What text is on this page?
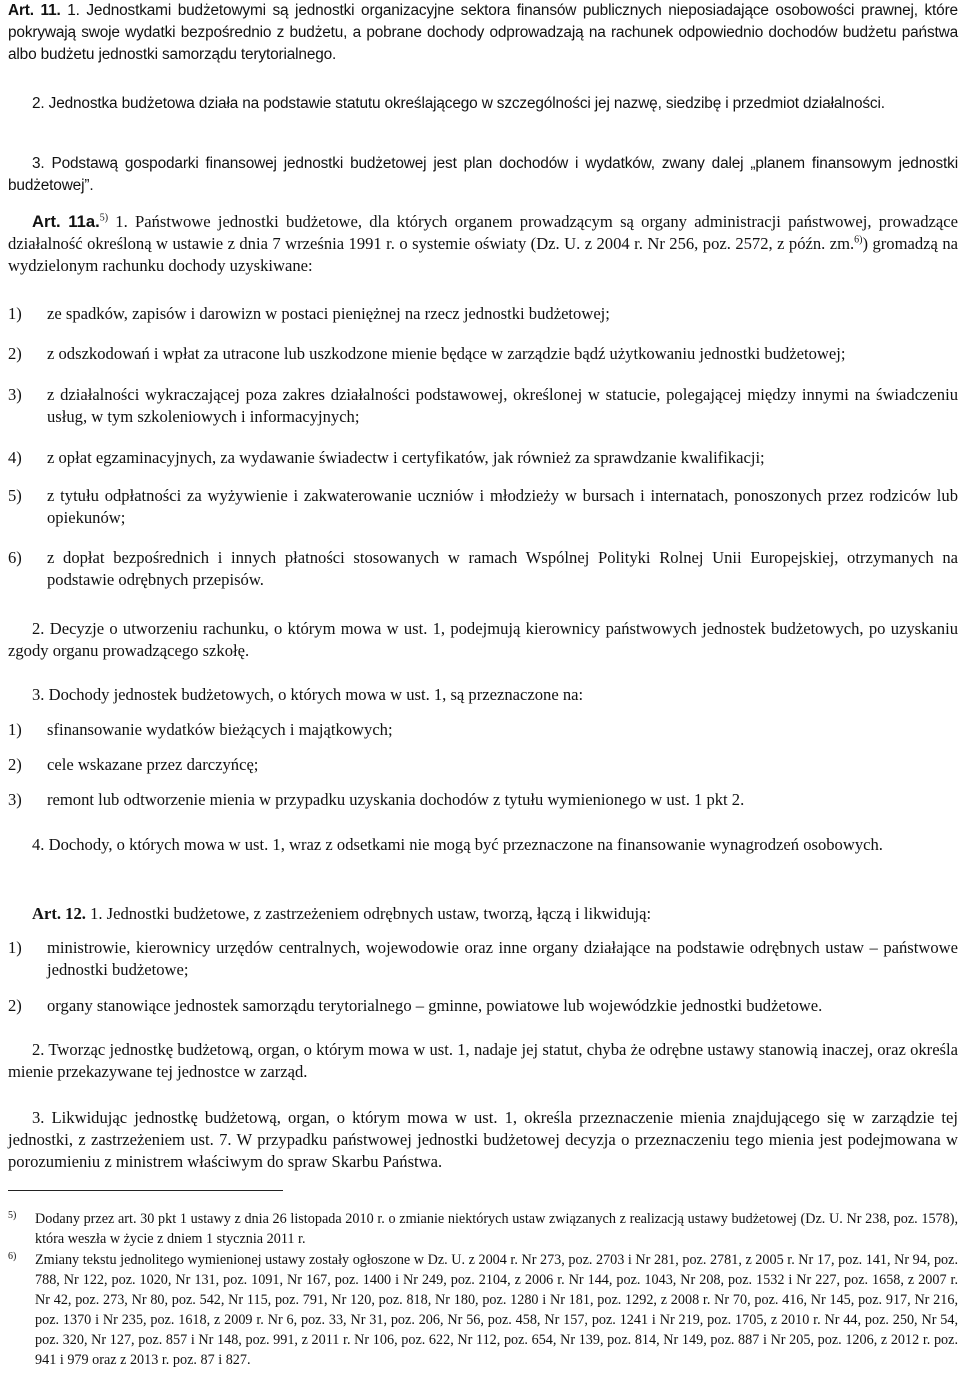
Art. 11. 1. Jednostkami budżetowymi są jednostki organizacyjne sektora finansów publicznych nieposiadające osobowości prawnej, które pokrywają swoje wydatki bezpośrednio z budżetu, a pobrane dochody odprowadzają na rachunek odpowiednio dochodów budżetu państwa albo budżetu jednostki samorządu terytorialnego.

2. Jednostka budżetowa działa na podstawie statutu określającego w szczególności jej nazwę, siedzibę i przedmiot działalności.

3. Podstawą gospodarki finansowej jednostki budżetowej jest plan dochodów i wydatków, zwany dalej „planem finansowym jednostki budżetowej”.

Art. 11a.$^{5)}$ 1. Państwowe jednostki budżetowe, dla których organem prowadzącym są organy administracji państwowej, prowadzące działalność określoną w ustawie z dnia 7 września 1991 r. o systemie oświaty (Dz. U. z 2004 r. Nr 256, poz. 2572, z późn. zm.$^{6)}$) gromadzą na wydzielonym rachunku dochody uzyskiwane:

1)	ze spadków, zapisów i darowizn w postaci pieniężnej na rzecz jednostki budżetowej;
2)	z odszkodowań i wpłat za utracone lub uszkodzone mienie będące w zarządzie bądź użytkowaniu jednostki budżetowej;
3)	z działalności wykraczającej poza zakres działalności podstawowej, określonej w statucie, polegającej między innymi na świadczeniu usług, w tym szkoleniowych i informacyjnych;
4)	z opłat egzaminacyjnych, za wydawanie świadectw i certyfikatów, jak również za sprawdzanie kwalifikacji;
5)	z tytułu odpłatności za wyżywienie i zakwaterowanie uczniów i młodzieży w bursach i internatach, ponoszonych przez rodziców lub opiekunów;
6)	z dopłat bezpośrednich i innych płatności stosowanych w ramach Wspólnej Polityki Rolnej Unii Europejskiej, otrzymanych na podstawie odrębnych przepisów.

2. Decyzje o utworzeniu rachunku, o którym mowa w ust. 1, podejmują kierownicy państwowych jednostek budżetowych, po uzyskaniu zgody organu prowadzącego szkołę.

3. Dochody jednostek budżetowych, o których mowa w ust. 1, są przeznaczone na:

1)	sfinansowanie wydatków bieżących i majątkowych;
2)	cele wskazane przez darczyńcę;
3)	remont lub odtworzenie mienia w przypadku uzyskania dochodów z tytułu wymienionego w ust. 1 pkt 2.

4. Dochody, o których mowa w ust. 1, wraz z odsetkami nie mogą być przeznaczone na finansowanie wynagrodzeń osobowych.

Art. 12. 1. Jednostki budżetowe, z zastrzeżeniem odrębnych ustaw, tworzą, łączą i likwidują:

1)	ministrowie, kierownicy urzędów centralnych, wojewodowie oraz inne organy działające na podstawie odrębnych ustaw – państwowe jednostki budżetowe;
2)	organy stanowiące jednostek samorządu terytorialnego – gminne, powiatowe lub wojewódzkie jednostki budżetowe.

2. Tworząc jednostkę budżetową, organ, o którym mowa w ust. 1, nadaje jej statut, chyba że odrębne ustawy stanowią inaczej, oraz określa mienie przekazywane tej jednostce w zarząd.

3. Likwidując jednostkę budżetową, organ, o którym mowa w ust. 1, określa przeznaczenie mienia znajdującego się w zarządzie tej jednostki, z zastrzeżeniem ust. 7. W przypadku państwowej jednostki budżetowej decyzja o przeznaczeniu tego mienia jest podejmowana w porozumieniu z ministrem właściwym do spraw Skarbu Państwa.

5)	Dodany przez art. 30 pkt 1 ustawy z dnia 26 listopada 2010 r. o zmianie niektórych ustaw związanych z realizacją ustawy budżetowej (Dz. U. Nr 238, poz. 1578), która weszła w życie z dniem 1 stycznia 2011 r.
6)	Zmiany tekstu jednolitego wymienionej ustawy zostały ogłoszone w Dz. U. z 2004 r. Nr 273, poz. 2703 i Nr 281, poz. 2781, z 2005 r. Nr 17, poz. 141, Nr 94, poz. 788, Nr 122, poz. 1020, Nr 131, poz. 1091, Nr 167, poz. 1400 i Nr 249, poz. 2104, z 2006 r. Nr 144, poz. 1043, Nr 208, poz. 1532 i Nr 227, poz. 1658, z 2007 r. Nr 42, poz. 273, Nr 80, poz. 542, Nr 115, poz. 791, Nr 120, poz. 818, Nr 180, poz. 1280 i Nr 181, poz. 1292, z 2008 r. Nr 70, poz. 416, Nr 145, poz. 917, Nr 216, poz. 1370 i Nr 235, poz. 1618, z 2009 r. Nr 6, poz. 33, Nr 31, poz. 206, Nr 56, poz. 458, Nr 157, poz. 1241 i Nr 219, poz. 1705, z 2010 r. Nr 44, poz. 250, Nr 54, poz. 320, Nr 127, poz. 857 i Nr 148, poz. 991, z 2011 r. Nr 106, poz. 622, Nr 112, poz. 654, Nr 139, poz. 814, Nr 149, poz. 887 i Nr 205, poz. 1206, z 2012 r. poz. 941 i 979 oraz z 2013 r. poz. 87 i 827.
